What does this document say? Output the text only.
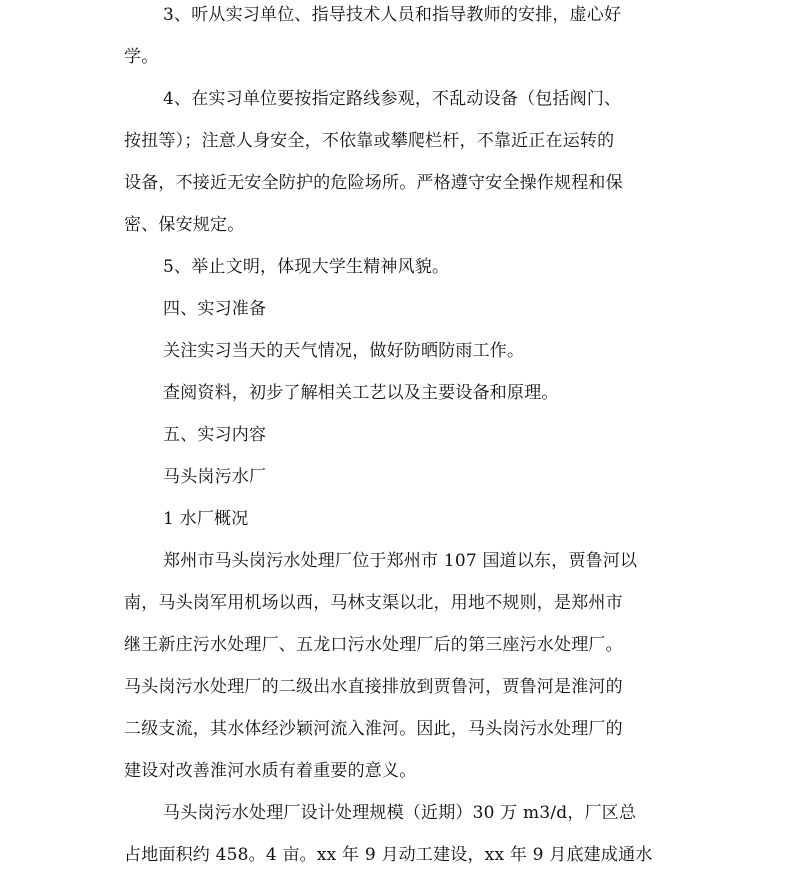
3、听从实习单位、指导技术人员和指导教师的安排，虚心好
学。
4、在实习单位要按指定路线参观，不乱动设备（包括阀门、
按扭等）；注意人身安全，不依靠或攀爬栏杆，不靠近正在运转的
设备，不接近无安全防护的危险场所。严格遵守安全操作规程和保
密、保安规定。
5、举止文明，体现大学生精神风貌。
四、实习准备
关注实习当天的天气情况，做好防晒防雨工作。
查阅资料，初步了解相关工艺以及主要设备和原理。
五、实习内容
马头岗污水厂
1 水厂概况
郑州市马头岗污水处理厂位于郑州市 107 国道以东，贾鲁河以
南，马头岗军用机场以西，马林支渠以北，用地不规则，是郑州市
继王新庄污水处理厂、五龙口污水处理厂后的第三座污水处理厂。
马头岗污水处理厂的二级出水直接排放到贾鲁河，贾鲁河是淮河的
二级支流，其水体经沙颖河流入淮河。因此，马头岗污水处理厂的
建设对改善淮河水质有着重要的意义。
马头岗污水处理厂设计处理规模（近期）30 万 m3/d，厂区总
占地面积约 458。4 亩。xx 年 9 月动工建设，xx 年 9 月底建成通水
